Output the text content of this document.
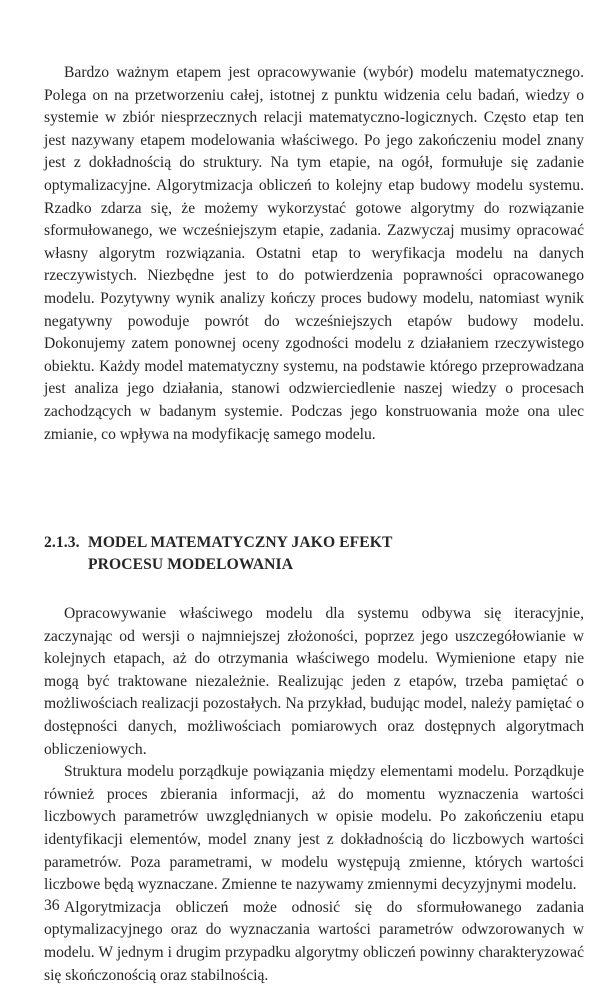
Bardzo ważnym etapem jest opracowywanie (wybór) modelu matematycznego. Polega on na przetworzeniu całej, istotnej z punktu widzenia celu badań, wiedzy o systemie w zbiór niesprzecznych relacji matematyczno-logicznych. Często etap ten jest nazywany etapem modelowania właściwego. Po jego zakończeniu model znany jest z dokładnością do struktury. Na tym etapie, na ogół, formułuje się zadanie optymalizacyjne. Algorytmizacja obliczeń to kolejny etap budowy modelu systemu. Rzadko zdarza się, że możemy wykorzystać gotowe algorytmy do rozwiązanie sformułowanego, we wcześniejszym etapie, zadania. Zazwyczaj musimy opracować własny algorytm rozwiązania. Ostatni etap to weryfikacja modelu na danych rzeczywistych. Niezbędne jest to do potwierdzenia poprawności opracowanego modelu. Pozytywny wynik analizy kończy proces budowy modelu, natomiast wynik negatywny powoduje powrót do wcześniejszych etapów budowy modelu. Dokonujemy zatem ponownej oceny zgodności modelu z działaniem rzeczywistego obiektu. Każdy model matematyczny systemu, na podstawie którego przeprowadzana jest analiza jego działania, stanowi odzwierciedlenie naszej wiedzy o procesach zachodzących w badanym systemie. Podczas jego konstruowania może ona ulec zmianie, co wpływa na modyfikację samego modelu.

2.1.3. MODEL MATEMATYCZNY JAKO EFEKT
PROCESU MODELOWANIA

Opracowywanie właściwego modelu dla systemu odbywa się iteracyjnie, zaczynając od wersji o najmniejszej złożoności, poprzez jego uszczegółowianie w kolejnych etapach, aż do otrzymania właściwego modelu. Wymienione etapy nie mogą być traktowane niezależnie. Realizując jeden z etapów, trzeba pamiętać o możliwościach realizacji pozostałych. Na przykład, budując model, należy pamiętać o dostępności danych, możliwościach pomiarowych oraz dostępnych algorytmach obliczeniowych.

Struktura modelu porządkuje powiązania między elementami modelu. Porządkuje również proces zbierania informacji, aż do momentu wyznaczenia wartości liczbowych parametrów uwzględnianych w opisie modelu. Po zakończeniu etapu identyfikacji elementów, model znany jest z dokładnością do liczbowych wartości parametrów. Poza parametrami, w modelu występują zmienne, których wartości liczbowe będą wyznaczane. Zmienne te nazywamy zmiennymi decyzyjnymi modelu.

Algorytmizacja obliczeń może odnosić się do sformułowanego zadania optymalizacyjnego oraz do wyznaczania wartości parametrów odwzorowanych w modelu. W jednym i drugim przypadku algorytmy obliczeń powinny charakteryzować się skończonością oraz stabilnością.

36
